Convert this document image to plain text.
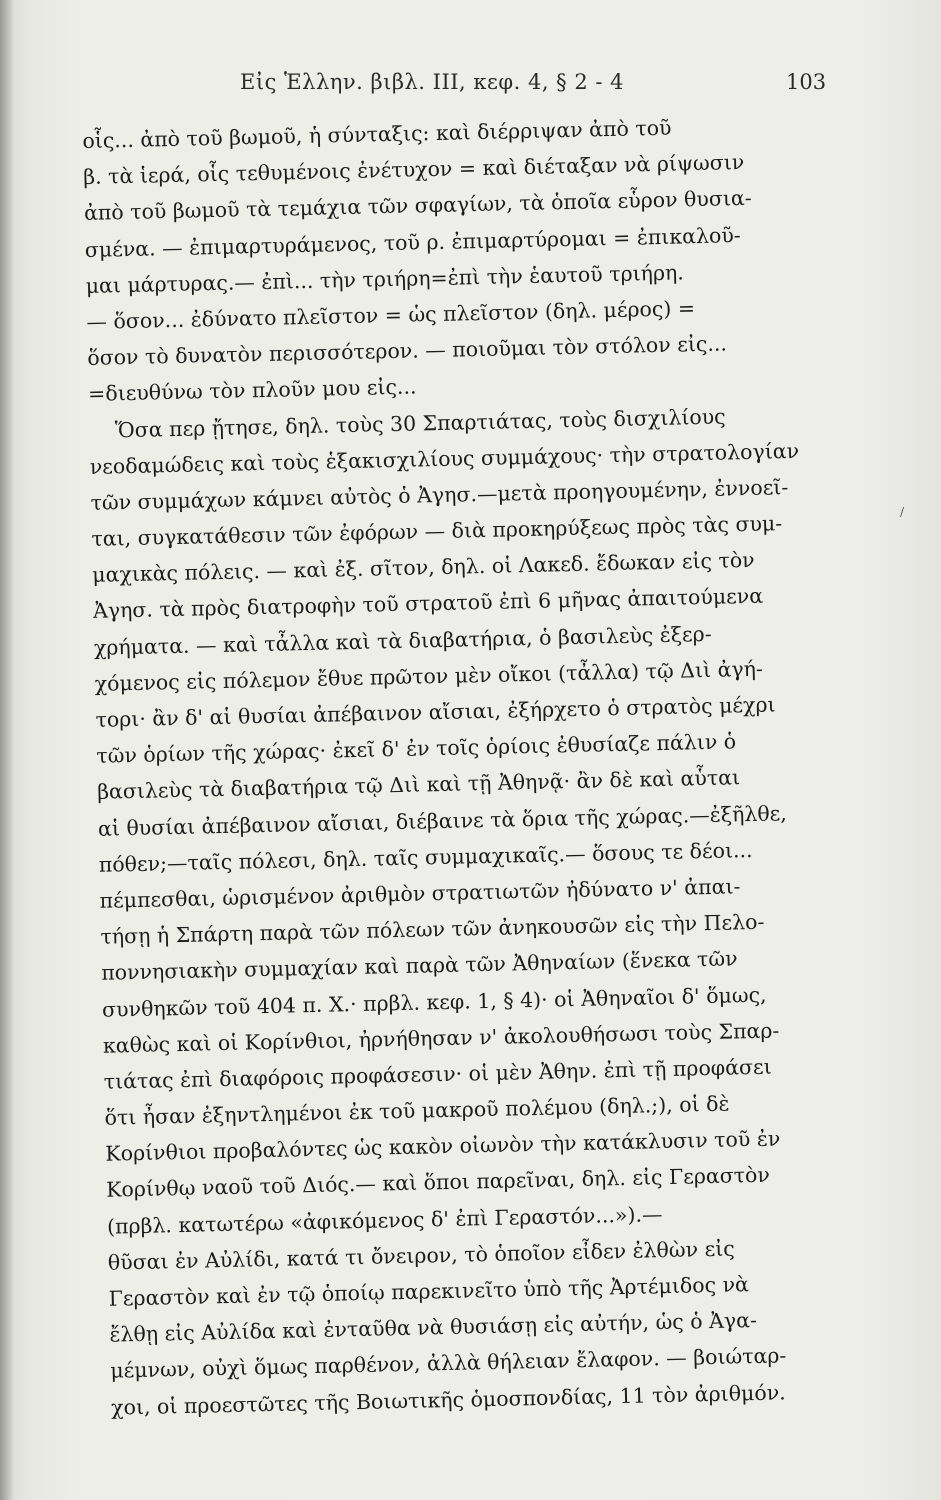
Εἰς Ἑλλην. βιβλ. III, κεφ. 4, § 2 - 4	103
/
οἷς... ἀπὸ τοῦ βωμοῦ, ἡ σύνταξις: καὶ διέρριψαν ἀπὸ τοῦ
β. τὰ ἱερά, οἷς τεθυμένοις ἐνέτυχον = καὶ διέταξαν νὰ ρίψωσιν
ἀπὸ τοῦ βωμοῦ τὰ τεμάχια τῶν σφαγίων, τὰ ὁποῖα εὗρον θυσια-
σμένα. — ἐπιμαρτυράμενος, τοῦ ρ. ἐπιμαρτύρομαι = ἐπικαλοῦ-
μαι μάρτυρας.— ἐπὶ... τὴν τριήρη=ἐπὶ τὴν ἑαυτοῦ τριήρη.
— ὅσον... ἐδύνατο πλεῖστον = ὡς πλεῖστον (δηλ. μέρος) =
ὅσον τὸ δυνατὸν περισσότερον. — ποιοῦμαι τὸν στόλον εἰς...
=διευθύνω τὸν πλοῦν μου εἰς...
Ὅσα περ ᾔτησε, δηλ. τοὺς 30 Σπαρτιάτας, τοὺς δισχιλίους
νεοδαμώδεις καὶ τοὺς ἑξακισχιλίους συμμάχους· τὴν στρατολογίαν
τῶν συμμάχων κάμνει αὐτὸς ὁ Ἀγησ.—μετὰ προηγουμένην, ἐννοεῖ-
ται, συγκατάθεσιν τῶν ἐφόρων — διὰ προκηρύξεως πρὸς τὰς συμ-
μαχικὰς πόλεις. — καὶ ἐξ. σῖτον, δηλ. οἱ Λακεδ. ἔδωκαν εἰς τὸν
Ἀγησ. τὰ πρὸς διατροφὴν τοῦ στρατοῦ ἐπὶ 6 μῆνας ἀπαιτούμενα
χρήματα. — καὶ τἆλλα καὶ τὰ διαβατήρια, ὁ βασιλεὺς ἐξερ-
χόμενος εἰς πόλεμον ἔθυε πρῶτον μὲν οἴκοι (τἆλλα) τῷ Διὶ ἀγή-
τορι· ἂν δ' αἱ θυσίαι ἀπέβαινον αἴσιαι, ἐξήρχετο ὁ στρατὸς μέχρι
τῶν ὁρίων τῆς χώρας· ἐκεῖ δ' ἐν τοῖς ὁρίοις ἐθυσίαζε πάλιν ὁ
βασιλεὺς τὰ διαβατήρια τῷ Διὶ καὶ τῇ Ἀθηνᾷ· ἂν δὲ καὶ αὗται
αἱ θυσίαι ἀπέβαινον αἴσιαι, διέβαινε τὰ ὅρια τῆς χώρας.—ἐξῆλθε,
πόθεν;—ταῖς πόλεσι, δηλ. ταῖς συμμαχικαῖς.— ὅσους τε δέοι...
πέμπεσθαι, ὡρισμένον ἀριθμὸν στρατιωτῶν ἠδύνατο ν' ἀπαι-
τήσῃ ἡ Σπάρτη παρὰ τῶν πόλεων τῶν ἀνηκουσῶν εἰς τὴν Πελο-
ποννησιακὴν συμμαχίαν καὶ παρὰ τῶν Ἀθηναίων (ἕνεκα τῶν
συνθηκῶν τοῦ 404 π. Χ.· πρβλ. κεφ. 1, § 4)· οἱ Ἀθηναῖοι δ' ὅμως,
καθὼς καὶ οἱ Κορίνθιοι, ἠρνήθησαν ν' ἀκολουθήσωσι τοὺς Σπαρ-
τιάτας ἐπὶ διαφόροις προφάσεσιν· οἱ μὲν Ἀθην. ἐπὶ τῇ προφάσει
ὅτι ἦσαν ἐξηντλημένοι ἐκ τοῦ μακροῦ πολέμου (δηλ.;), οἱ δὲ
Κορίνθιοι προβαλόντες ὡς κακὸν οἰωνὸν τὴν κατάκλυσιν τοῦ ἐν
Κορίνθῳ ναοῦ τοῦ Διός.— καὶ ὅποι παρεῖναι, δηλ. εἰς Γεραστὸν
(πρβλ. κατωτέρω «ἀφικόμενος δ' ἐπὶ Γεραστόν...»).—
θῦσαι ἐν Αὐλίδι, κατά τι ὄνειρον, τὸ ὁποῖον εἶδεν ἐλθὼν εἰς
Γεραστὸν καὶ ἐν τῷ ὁποίῳ παρεκινεῖτο ὑπὸ τῆς Ἀρτέμιδος νὰ
ἔλθῃ εἰς Αὐλίδα καὶ ἐνταῦθα νὰ θυσιάσῃ εἰς αὐτήν, ὡς ὁ Ἀγα-
μέμνων, οὐχὶ ὅμως παρθένον, ἀλλὰ θήλειαν ἔλαφον. — βοιώταρ-
χοι, οἱ προεστῶτες τῆς Βοιωτικῆς ὁμοσπονδίας, 11 τὸν ἀριθμόν.
